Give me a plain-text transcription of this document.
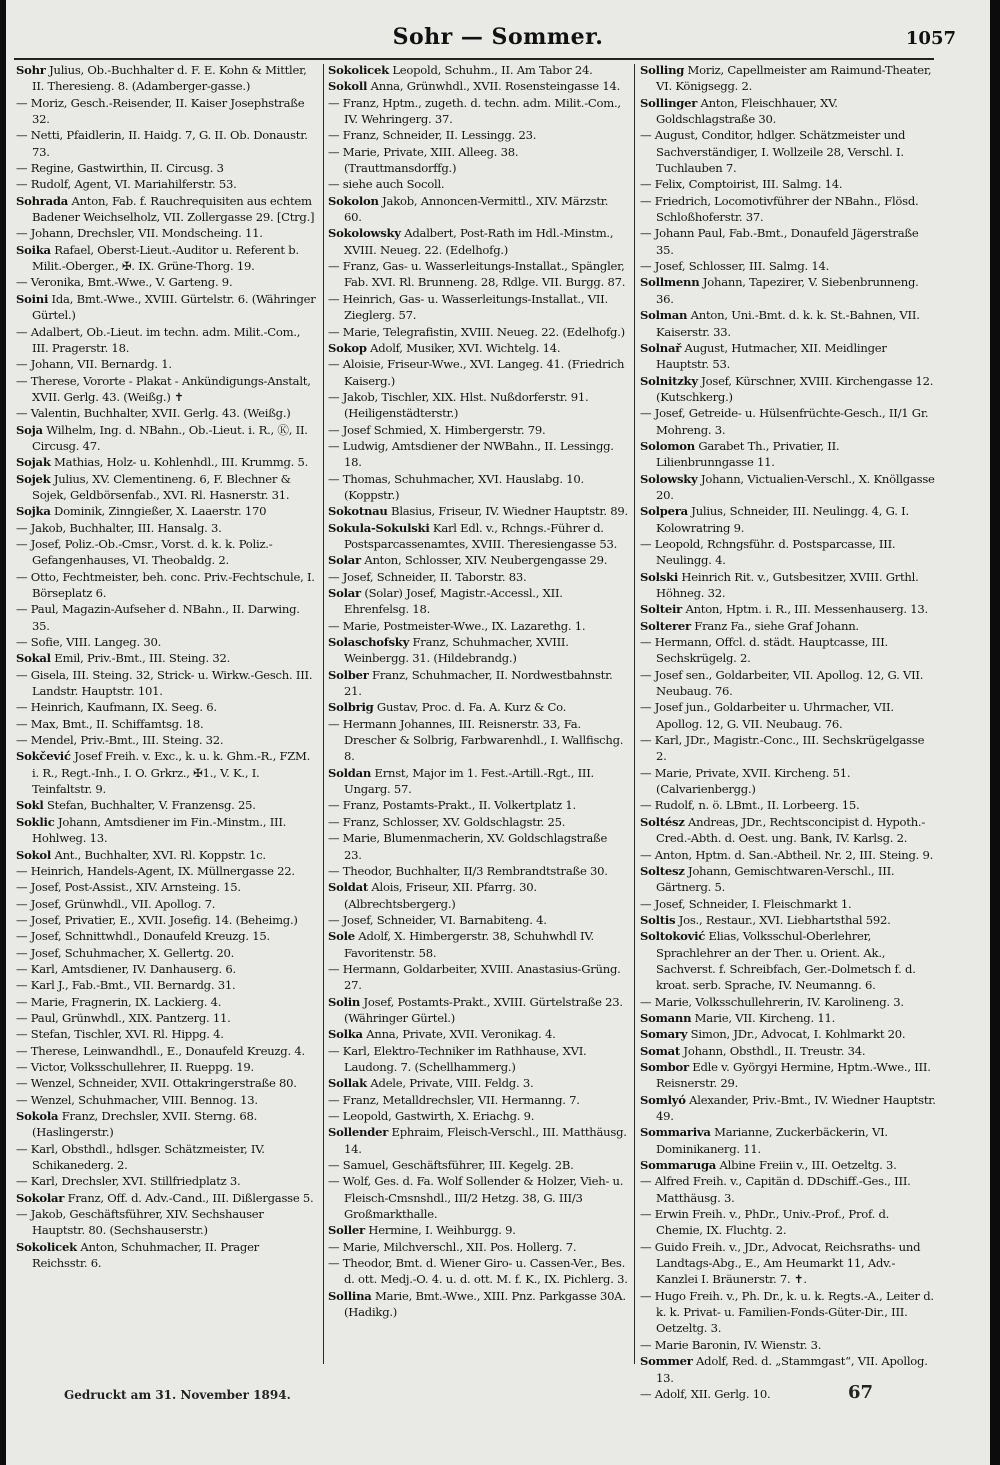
Sohr — Sommer.	1057

Sohr Julius, Ob.-Buchhalter d. F. E. Kohn & Mittler, II. Theresieng. 8. (Adamberger-gasse.)

— Moriz, Gesch.-Reisender, II. Kaiser Josephstraße 32.

— Netti, Pfaidlerin, II. Haidg. 7, G. II. Ob. Donaustr. 73.

— Regine, Gastwirthin, II. Circusg. 3

— Rudolf, Agent, VI. Mariahilferstr. 53.

Sohrada Anton, Fab. f. Rauchrequisiten aus echtem Badener Weichselholz, VII. Zollergasse 29. [Ctrg.]

— Johann, Drechsler, VII. Mondscheing. 11.

Soika Rafael, Oberst-Lieut.-Auditor u. Referent b. Milit.-Oberger., ✠. IX. Grüne-Thorg. 19.

— Veronika, Bmt.-Wwe., V. Garteng. 9.

Soini Ida, Bmt.-Wwe., XVIII. Gürtelstr. 6. (Währinger Gürtel.)

— Adalbert, Ob.-Lieut. im techn. adm. Milit.-Com., III. Pragerstr. 18.

— Johann, VII. Bernardg. 1.

— Therese, Vororte - Plakat - Ankündigungs-Anstalt, XVII. Gerlg. 43. (Weißg.) ✝

— Valentin, Buchhalter, XVII. Gerlg. 43. (Weißg.)

Soja Wilhelm, Ing. d. NBahn., Ob.-Lieut. i. R., Ⓚ, II. Circusg. 47.

Sojak Mathias, Holz- u. Kohlenhdl., III. Krummg. 5.

Sojek Julius, XV. Clementineng. 6, F. Blechner & Sojek, Geldbörsenfab., XVI. Rl. Hasnerstr. 31.

Sojka Dominik, Zinngießer, X. Laaerstr. 170

— Jakob, Buchhalter, III. Hansalg. 3.

— Josef, Poliz.-Ob.-Cmsr., Vorst. d. k. k. Poliz.-Gefangenhauses, VI. Theobaldg. 2.

— Otto, Fechtmeister, beh. conc. Priv.-Fechtschule, I. Börseplatz 6.

— Paul, Magazin-Aufseher d. NBahn., II. Darwing. 35.

— Sofie, VIII. Langeg. 30.

Sokal Emil, Priv.-Bmt., III. Steing. 32.

— Gisela, III. Steing. 32, Strick- u. Wirkw.-Gesch. III. Landstr. Hauptstr. 101.

— Heinrich, Kaufmann, IX. Seeg. 6.

— Max, Bmt., II. Schiffamtsg. 18.

— Mendel, Priv.-Bmt., III. Steing. 32.

Sokčević Josef Freih. v. Exc., k. u. k. Ghm.-R., FZM. i. R., Regt.-Inh., I. O. Grkrz., ✠1., V. K., I. Teinfaltstr. 9.

Sokl Stefan, Buchhalter, V. Franzensg. 25.

Soklic Johann, Amtsdiener im Fin.-Minstm., III. Hohlweg. 13.

Sokol Ant., Buchhalter, XVI. Rl. Koppstr. 1c.

— Heinrich, Handels-Agent, IX. Müllnergasse 22.

— Josef, Post-Assist., XIV. Arnsteing. 15.

— Josef, Grünwhdl., VII. Apollog. 7.

— Josef, Privatier, E., XVII. Josefig. 14. (Beheimg.)

— Josef, Schnittwhdl., Donaufeld Kreuzg. 15.

— Josef, Schuhmacher, X. Gellertg. 20.

— Karl, Amtsdiener, IV. Danhauserg. 6.

— Karl J., Fab.-Bmt., VII. Bernardg. 31.

— Marie, Fragnerin, IX. Lackierg. 4.

— Paul, Grünwhdl., XIX. Pantzerg. 11.

— Stefan, Tischler, XVI. Rl. Hippg. 4.

— Therese, Leinwandhdl., E., Donaufeld Kreuzg. 4.

— Victor, Volksschullehrer, II. Rueppg. 19.

— Wenzel, Schneider, XVII. Ottakringerstraße 80.

— Wenzel, Schuhmacher, VIII. Bennog. 13.

Sokola Franz, Drechsler, XVII. Sterng. 68. (Haslingerstr.)

— Karl, Obsthdl., hdlsger. Schätzmeister, IV. Schikanederg. 2.

— Karl, Drechsler, XVI. Stillfriedplatz 3.

Sokolar Franz, Off. d. Adv.-Cand., III. Dißlergasse 5.

— Jakob, Geschäftsführer, XIV. Sechshauser Hauptstr. 80. (Sechshauserstr.)

Sokolicek Anton, Schuhmacher, II. Prager Reichsstr. 6.

Sokolicek Leopold, Schuhm., II. Am Tabor 24.

Sokoll Anna, Grünwhdl., XVII. Rosensteingasse 14.

— Franz, Hptm., zugeth. d. techn. adm. Milit.-Com., IV. Wehringerg. 37.

— Franz, Schneider, II. Lessingg. 23.

— Marie, Private, XIII. Alleeg. 38. (Trauttmansdorffg.)

— siehe auch Socoll.

Sokolon Jakob, Annoncen-Vermittl., XIV. Märzstr. 60.

Sokolowsky Adalbert, Post-Rath im Hdl.-Minstm., XVIII. Neueg. 22. (Edelhofg.)

— Franz, Gas- u. Wasserleitungs-Installat., Spängler, Fab. XVI. Rl. Brunneng. 28, Rdlge. VII. Burgg. 87.

— Heinrich, Gas- u. Wasserleitungs-Installat., VII. Zieglerg. 57.

— Marie, Telegrafistin, XVIII. Neueg. 22. (Edelhofg.)

Sokop Adolf, Musiker, XVI. Wichtelg. 14.

— Aloisie, Friseur-Wwe., XVI. Langeg. 41. (Friedrich Kaiserg.)

— Jakob, Tischler, XIX. Hlst. Nußdorferstr. 91. (Heiligenstädterstr.)

— Josef Schmied, X. Himbergerstr. 79.

— Ludwig, Amtsdiener der NWBahn., II. Lessingg. 18.

— Thomas, Schuhmacher, XVI. Hauslabg. 10. (Koppstr.)

Sokotnau Blasius, Friseur, IV. Wiedner Hauptstr. 89.

Sokula-Sokulski Karl Edl. v., Rchngs.-Führer d. Postsparcassenamtes, XVIII. Theresiengasse 53.

Solar Anton, Schlosser, XIV. Neubergengasse 29.

— Josef, Schneider, II. Taborstr. 83.

Solar (Solar) Josef, Magistr.-Accessl., XII. Ehrenfelsg. 18.

— Marie, Postmeister-Wwe., IX. Lazarethg. 1.

Solaschofsky Franz, Schuhmacher, XVIII. Weinbergg. 31. (Hildebrandg.)

Solber Franz, Schuhmacher, II. Nordwestbahnstr. 21.

Solbrig Gustav, Proc. d. Fa. A. Kurz & Co.

— Hermann Johannes, III. Reisnerstr. 33, Fa. Drescher & Solbrig, Farbwarenhdl., I. Wallfischg. 8.

Soldan Ernst, Major im 1. Fest.-Artill.-Rgt., III. Ungarg. 57.

— Franz, Postamts-Prakt., II. Volkertplatz 1.

— Franz, Schlosser, XV. Goldschlagstr. 25.

— Marie, Blumenmacherin, XV. Goldschlagstraße 23.

— Theodor, Buchhalter, II/3 Rembrandtstraße 30.

Soldat Alois, Friseur, XII. Pfarrg. 30. (Albrechtsbergerg.)

— Josef, Schneider, VI. Barnabiteng. 4.

Sole Adolf, X. Himbergerstr. 38, Schuhwhdl IV. Favoritenstr. 58.

— Hermann, Goldarbeiter, XVIII. Anastasius-Grüng. 27.

Solin Josef, Postamts-Prakt., XVIII. Gürtelstraße 23. (Währinger Gürtel.)

Solka Anna, Private, XVII. Veronikag. 4.

— Karl, Elektro-Techniker im Rathhause, XVI. Laudong. 7. (Schellhammerg.)

Sollak Adele, Private, VIII. Feldg. 3.

— Franz, Metalldrechsler, VII. Hermanng. 7.

— Leopold, Gastwirth, X. Eriachg. 9.

Sollender Ephraim, Fleisch-Verschl., III. Matthäusg. 14.

— Samuel, Geschäftsführer, III. Kegelg. 2B.

— Wolf, Ges. d. Fa. Wolf Sollender & Holzer, Vieh- u. Fleisch-Cmsnshdl., III/2 Hetzg. 38, G. III/3 Großmarkthalle.

Soller Hermine, I. Weihburgg. 9.

— Marie, Milchverschl., XII. Pos. Hollerg. 7.

— Theodor, Bmt. d. Wiener Giro- u. Cassen-Ver., Bes. d. ott. Medj.-O. 4. u. d. ott. M. f. K., IX. Pichlerg. 3.

Sollina Marie, Bmt.-Wwe., XIII. Pnz. Parkgasse 30A. (Hadikg.)

Solling Moriz, Capellmeister am Raimund-Theater, VI. Königsegg. 2.

Sollinger Anton, Fleischhauer, XV. Goldschlagstraße 30.

— August, Conditor, hdlger. Schätzmeister und Sachverständiger, I. Wollzeile 28, Verschl. I. Tuchlauben 7.

— Felix, Comptoirist, III. Salmg. 14.

— Friedrich, Locomotivführer der NBahn., Flösd. Schloßhoferstr. 37.

— Johann Paul, Fab.-Bmt., Donaufeld Jägerstraße 35.

— Josef, Schlosser, III. Salmg. 14.

Sollmenn Johann, Tapezirer, V. Siebenbrunneng. 36.

Solman Anton, Uni.-Bmt. d. k. k. St.-Bahnen, VII. Kaiserstr. 33.

Solnař August, Hutmacher, XII. Meidlinger Hauptstr. 53.

Solnitzky Josef, Kürschner, XVIII. Kirchengasse 12. (Kutschkerg.)

— Josef, Getreide- u. Hülsenfrüchte-Gesch., II/1 Gr. Mohreng. 3.

Solomon Garabet Th., Privatier, II. Lilienbrunngasse 11.

Solowsky Johann, Victualien-Verschl., X. Knöllgasse 20.

Solpera Julius, Schneider, III. Neulingg. 4, G. I. Kolowratring 9.

— Leopold, Rchngsführ. d. Postsparcasse, III. Neulingg. 4.

Solski Heinrich Rit. v., Gutsbesitzer, XVIII. Grthl. Höhneg. 32.

Solteir Anton, Hptm. i. R., III. Messenhauserg. 13.

Solterer Franz Fa., siehe Graf Johann.

— Hermann, Offcl. d. städt. Hauptcasse, III. Sechskrügelg. 2.

— Josef sen., Goldarbeiter, VII. Apollog. 12, G. VII. Neubaug. 76.

— Josef jun., Goldarbeiter u. Uhrmacher, VII. Apollog. 12, G. VII. Neubaug. 76.

— Karl, JDr., Magistr.-Conc., III. Sechskrügelgasse 2.

— Marie, Private, XVII. Kircheng. 51. (Calvarienbergg.)

— Rudolf, n. ö. LBmt., II. Lorbeerg. 15.

Soltész Andreas, JDr., Rechtsconcipist d. Hypoth.-Cred.-Abth. d. Oest. ung. Bank, IV. Karlsg. 2.

— Anton, Hptm. d. San.-Abtheil. Nr. 2, III. Steing. 9.

Soltesz Johann, Gemischtwaren-Verschl., III. Gärtnerg. 5.

— Josef, Schneider, I. Fleischmarkt 1.

Soltis Jos., Restaur., XVI. Liebhartsthal 592.

Soltoković Elias, Volksschul-Oberlehrer, Sprachlehrer an der Ther. u. Orient. Ak., Sachverst. f. Schreibfach, Ger.-Dolmetsch f. d. kroat. serb. Sprache, IV. Neumanng. 6.

— Marie, Volksschullehrerin, IV. Karolineng. 3.

Somann Marie, VII. Kircheng. 11.

Somary Simon, JDr., Advocat, I. Kohlmarkt 20.

Somat Johann, Obsthdl., II. Treustr. 34.

Sombor Edle v. Györgyi Hermine, Hptm.-Wwe., III. Reisnerstr. 29.

Somlyó Alexander, Priv.-Bmt., IV. Wiedner Hauptstr. 49.

Sommariva Marianne, Zuckerbäckerin, VI. Dominikanerg. 11.

Sommaruga Albine Freiin v., III. Oetzeltg. 3.

— Alfred Freih. v., Capitän d. DDschiff.-Ges., III. Matthäusg. 3.

— Erwin Freih. v., PhDr., Univ.-Prof., Prof. d. Chemie, IX. Fluchtg. 2.

— Guido Freih. v., JDr., Advocat, Reichsraths- und Landtags-Abg., E., Am Heumarkt 11, Adv.-Kanzlei I. Bräunerstr. 7. ✝.

— Hugo Freih. v., Ph. Dr., k. u. k. Regts.-A., Leiter d. k. k. Privat- u. Familien-Fonds-Güter-Dir., III. Oetzeltg. 3.

— Marie Baronin, IV. Wienstr. 3.

Sommer Adolf, Red. d. „Stammgast“, VII. Apollog. 13.

— Adolf, XII. Gerlg. 10.

Gedruckt am 31. November 1894.	67
